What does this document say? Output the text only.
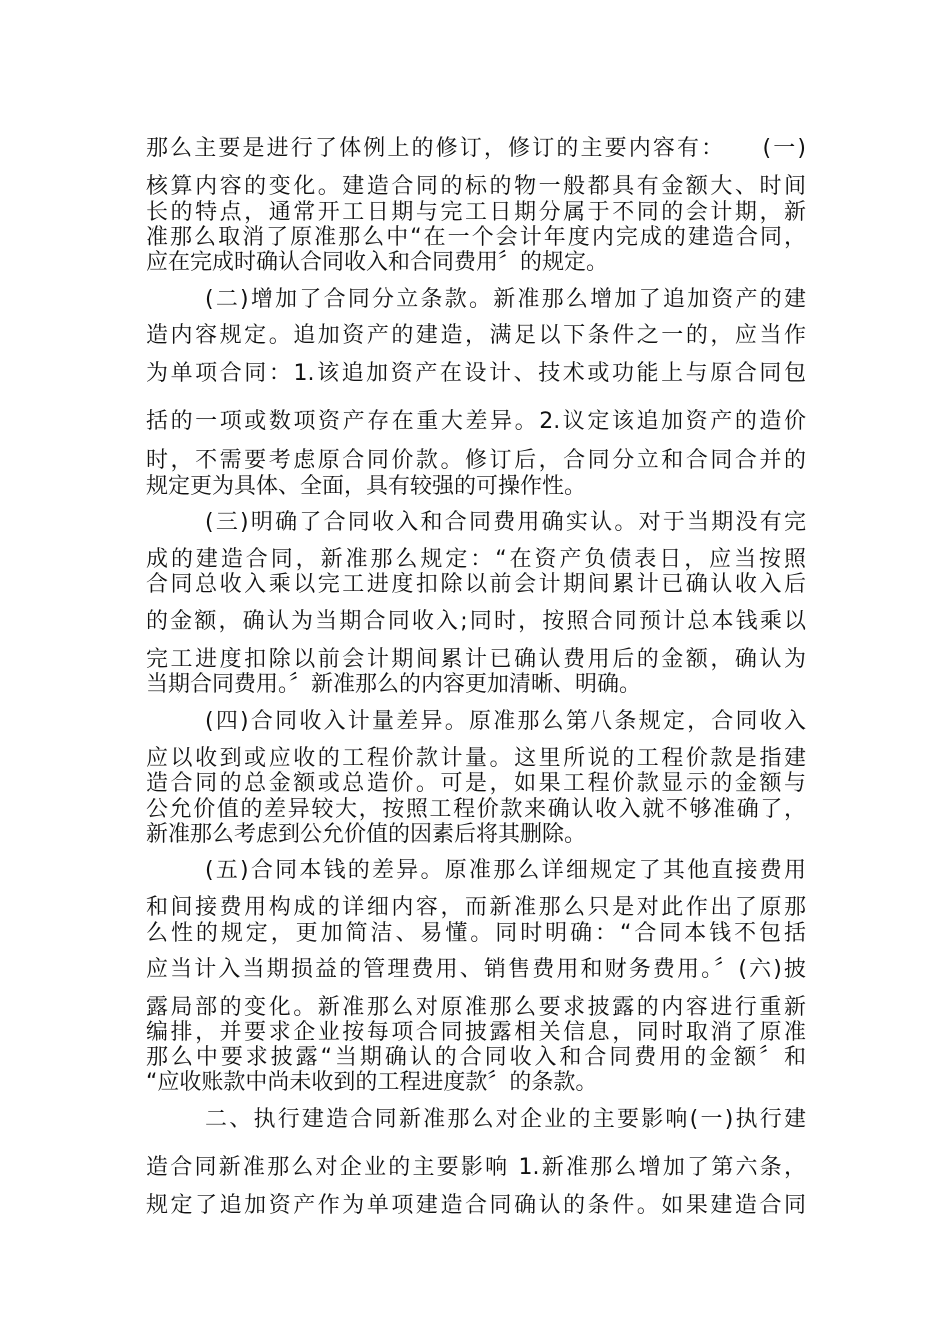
那么主要是进行了体例上的修订，修订的主要内容有：　　(一)

核算内容的变化。建造合同的标的物一般都具有金额大、时间

长的特点，通常开工日期与完工日期分属于不同的会计期，新

准那么取消了原准那么中“在一个会计年度内完成的建造合同，

应在完成时确认合同收入和合同费用〞的规定。

(二)增加了合同分立条款。新准那么增加了追加资产的建

造内容规定。追加资产的建造，满足以下条件之一的，应当作

为单项合同：1.该追加资产在设计、技术或功能上与原合同包

括的一项或数项资产存在重大差异。2.议定该追加资产的造价

时，不需要考虑原合同价款。修订后，合同分立和合同合并的

规定更为具体、全面，具有较强的可操作性。

(三)明确了合同收入和合同费用确实认。对于当期没有完

成的建造合同，新准那么规定：“在资产负债表日，应当按照

合同总收入乘以完工进度扣除以前会计期间累计已确认收入后

的金额，确认为当期合同收入;同时，按照合同预计总本钱乘以

完工进度扣除以前会计期间累计已确认费用后的金额，确认为

当期合同费用。〞新准那么的内容更加清晰、明确。

(四)合同收入计量差异。原准那么第八条规定，合同收入

应以收到或应收的工程价款计量。这里所说的工程价款是指建

造合同的总金额或总造价。可是，如果工程价款显示的金额与

公允价值的差异较大，按照工程价款来确认收入就不够准确了，

新准那么考虑到公允价值的因素后将其删除。

(五)合同本钱的差异。原准那么详细规定了其他直接费用

和间接费用构成的详细内容，而新准那么只是对此作出了原那

么性的规定，更加简洁、易懂。同时明确：“合同本钱不包括

应当计入当期损益的管理费用、销售费用和财务费用。〞(六)披

露局部的变化。新准那么对原准那么要求披露的内容进行重新

编排，并要求企业按每项合同披露相关信息，同时取消了原准

那么中要求披露“当期确认的合同收入和合同费用的金额〞和

“应收账款中尚未收到的工程进度款〞的条款。

二、执行建造合同新准那么对企业的主要影响(一)执行建

造合同新准那么对企业的主要影响 1.新准那么增加了第六条，

规定了追加资产作为单项建造合同确认的条件。如果建造合同
